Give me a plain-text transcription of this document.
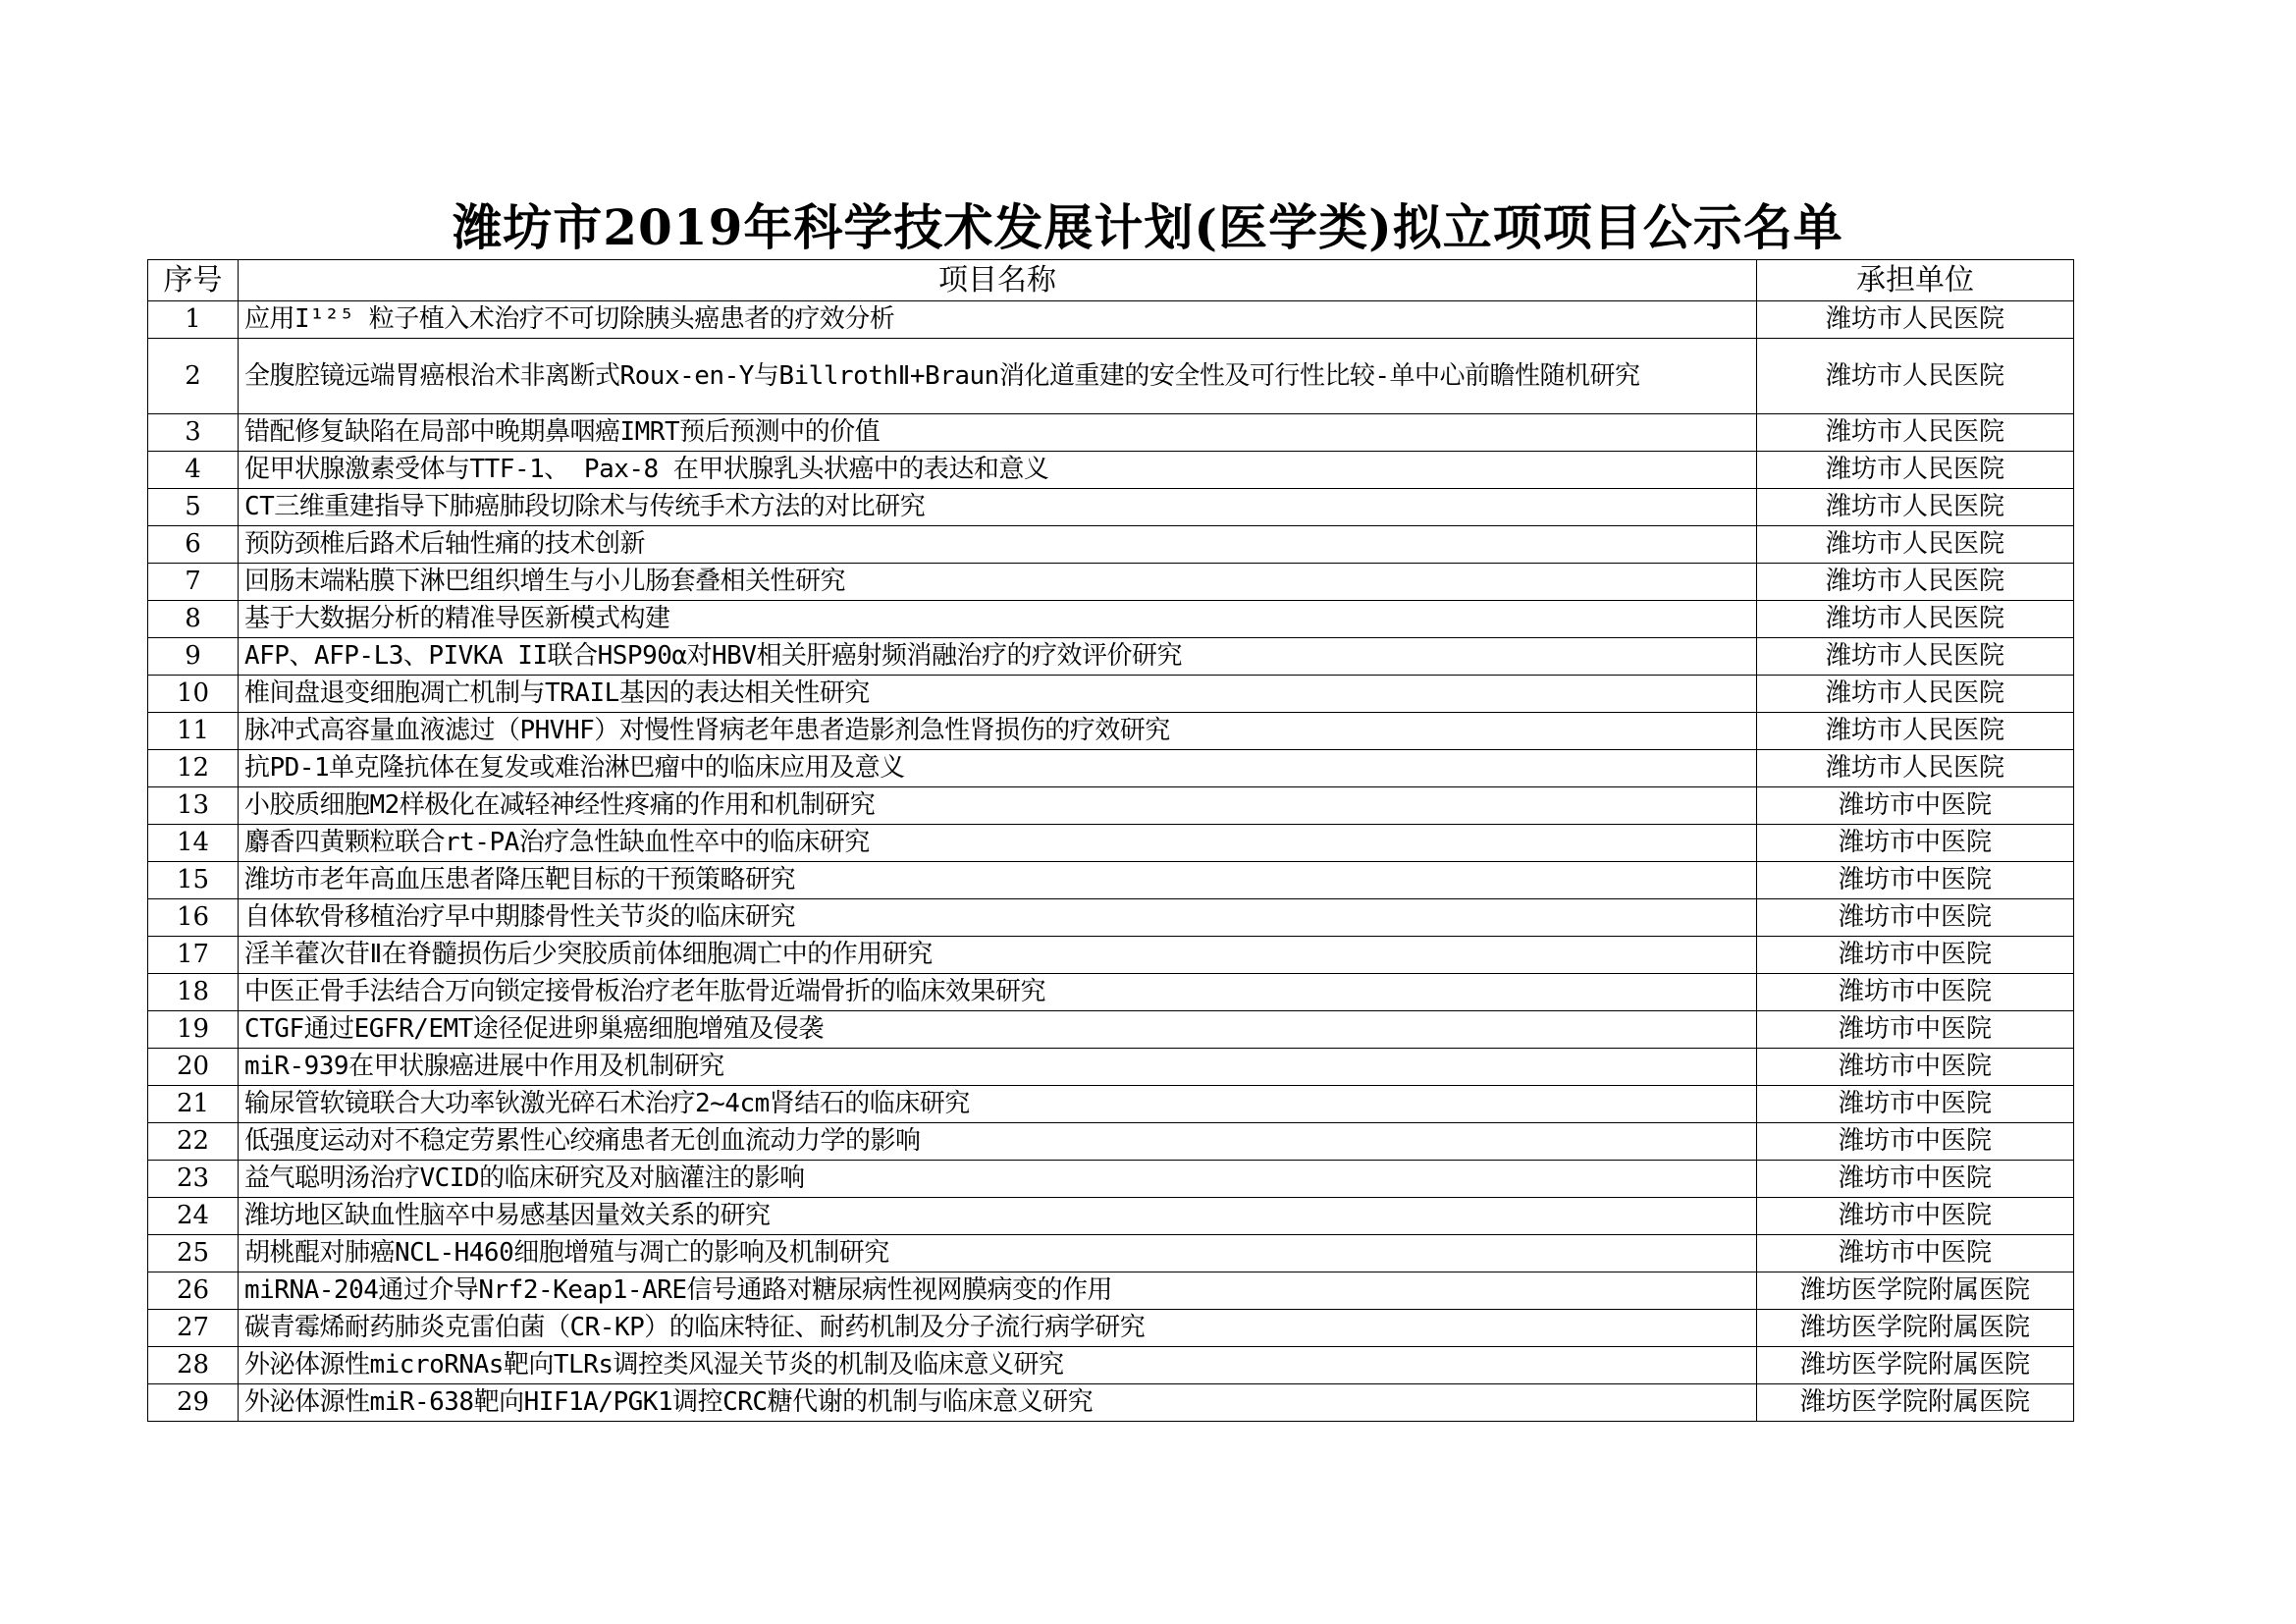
潍坊市2019年科学技术发展计划(医学类)拟立项项目公示名单
序号	项目名称	承担单位
1	应用I¹²⁵ 粒子植入术治疗不可切除胰头癌患者的疗效分析	潍坊市人民医院
2	全腹腔镜远端胃癌根治术非离断式Roux-en-Y与BillrothⅡ+Braun消化道重建的安全性及可行性比较-单中心前瞻性随机研究	潍坊市人民医院
3	错配修复缺陷在局部中晚期鼻咽癌IMRT预后预测中的价值	潍坊市人民医院
4	促甲状腺激素受体与TTF-1、 Pax-8 在甲状腺乳头状癌中的表达和意义	潍坊市人民医院
5	CT三维重建指导下肺癌肺段切除术与传统手术方法的对比研究	潍坊市人民医院
6	预防颈椎后路术后轴性痛的技术创新	潍坊市人民医院
7	回肠末端粘膜下淋巴组织增生与小儿肠套叠相关性研究	潍坊市人民医院
8	基于大数据分析的精准导医新模式构建	潍坊市人民医院
9	AFP、AFP-L3、PIVKA II联合HSP90α对HBV相关肝癌射频消融治疗的疗效评价研究	潍坊市人民医院
10	椎间盘退变细胞凋亡机制与TRAIL基因的表达相关性研究	潍坊市人民医院
11	脉冲式高容量血液滤过（PHVHF）对慢性肾病老年患者造影剂急性肾损伤的疗效研究	潍坊市人民医院
12	抗PD-1单克隆抗体在复发或难治淋巴瘤中的临床应用及意义	潍坊市人民医院
13	小胶质细胞M2样极化在减轻神经性疼痛的作用和机制研究	潍坊市中医院
14	麝香四黄颗粒联合rt-PA治疗急性缺血性卒中的临床研究	潍坊市中医院
15	潍坊市老年高血压患者降压靶目标的干预策略研究	潍坊市中医院
16	自体软骨移植治疗早中期膝骨性关节炎的临床研究	潍坊市中医院
17	淫羊藿次苷Ⅱ在脊髓损伤后少突胶质前体细胞凋亡中的作用研究	潍坊市中医院
18	中医正骨手法结合万向锁定接骨板治疗老年肱骨近端骨折的临床效果研究	潍坊市中医院
19	CTGF通过EGFR/EMT途径促进卵巢癌细胞增殖及侵袭	潍坊市中医院
20	miR-939在甲状腺癌进展中作用及机制研究	潍坊市中医院
21	输尿管软镜联合大功率钬激光碎石术治疗2~4cm肾结石的临床研究	潍坊市中医院
22	低强度运动对不稳定劳累性心绞痛患者无创血流动力学的影响	潍坊市中医院
23	益气聪明汤治疗VCID的临床研究及对脑灌注的影响	潍坊市中医院
24	潍坊地区缺血性脑卒中易感基因量效关系的研究	潍坊市中医院
25	胡桃醌对肺癌NCL-H460细胞增殖与凋亡的影响及机制研究	潍坊市中医院
26	miRNA-204通过介导Nrf2-Keap1-ARE信号通路对糖尿病性视网膜病变的作用	潍坊医学院附属医院
27	碳青霉烯耐药肺炎克雷伯菌（CR-KP）的临床特征、耐药机制及分子流行病学研究	潍坊医学院附属医院
28	外泌体源性microRNAs靶向TLRs调控类风湿关节炎的机制及临床意义研究	潍坊医学院附属医院
29	外泌体源性miR-638靶向HIF1A/PGK1调控CRC糖代谢的机制与临床意义研究	潍坊医学院附属医院
